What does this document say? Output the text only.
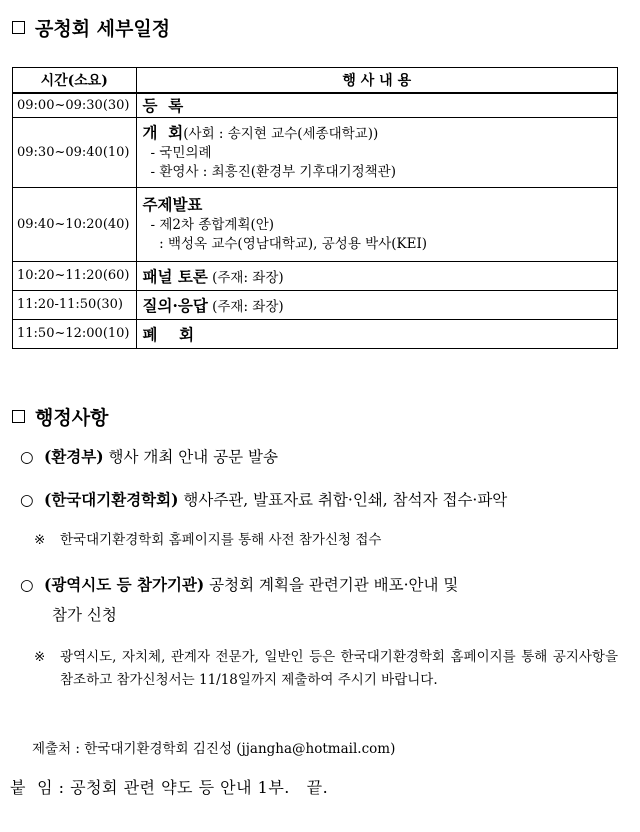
공청회 세부일정
시간(소요)	행 사 내 용
09:00~09:30(30)	등  록
09:30~09:40(10)	개  회(사회 : 송지현 교수(세종대학교))
- 국민의례
- 환영사 : 최흥진(환경부 기후대기정책관)

09:40~10:20(40)	주제발표
- 제2차 종합계획(안)
: 백성옥 교수(영남대학교), 공성용 박사(KEI)

10:20~11:20(60)	패널 토론 (주재: 좌장)
11:20-11:50(30)	질의·응답 (주재: 좌장)
11:50~12:00(10)	폐    회
행정사항
○ (환경부) 행사 개최 안내 공문 발송
○ (한국대기환경학회) 행사주관, 발표자료 취합·인쇄, 참석자 접수·파악
※	한국대기환경학회 홈페이지를 통해 사전 참가신청 접수
○ (광역시도 등 참가기관) 공청회 계획을 관련기관 배포·안내 및
참가 신청
※	광역시도, 자치체, 관계자 전문가, 일반인 등은 한국대기환경학회 홈페이지를 통해 공지사항을 참조하고 참가신청서는 11/18일까지 제출하여 주시기 바랍니다.
제출처 : 한국대기환경학회 김진성 (jjangha@hotmail.com)
붙  임 : 공청회 관련 약도 등 안내 1부.   끝.
